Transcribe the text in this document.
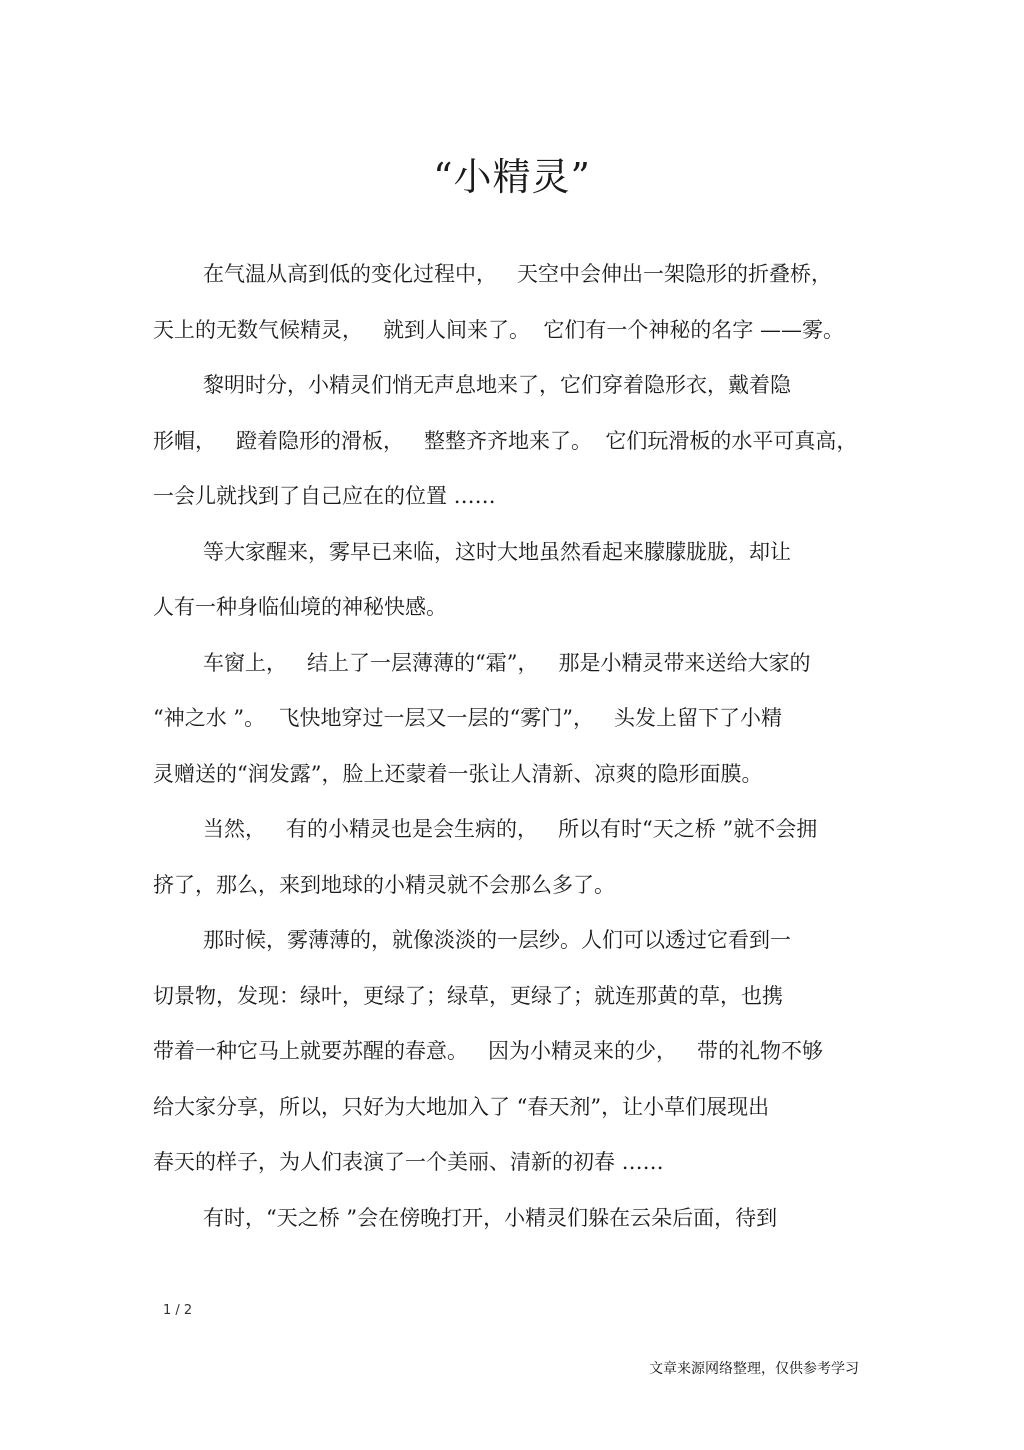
“小精灵”
在气温从高到低的变化过程中，   天空中会伸出一架隐形的折叠桥，
天上的无数气候精灵，   就到人间来了。  它们有一个神秘的名字 ——雾。
黎明时分，小精灵们悄无声息地来了，它们穿着隐形衣，戴着隐
形帽，   蹬着隐形的滑板，   整整齐齐地来了。  它们玩滑板的水平可真高，
一会儿就找到了自己应在的位置 ……
等大家醒来，雾早已来临，这时大地虽然看起来朦朦胧胧，却让
人有一种身临仙境的神秘快感。
车窗上，   结上了一层薄薄的“霜”，   那是小精灵带来送给大家的
“神之水 ”。  飞快地穿过一层又一层的“雾门”，   头发上留下了小精
灵赠送的“润发露”，脸上还蒙着一张让人清新、凉爽的隐形面膜。
当然，   有的小精灵也是会生病的，   所以有时“天之桥 ”就不会拥
挤了，那么，来到地球的小精灵就不会那么多了。
那时候，雾薄薄的，就像淡淡的一层纱。人们可以透过它看到一
切景物，发现：绿叶，更绿了；绿草，更绿了；就连那黄的草，也携
带着一种它马上就要苏醒的春意。   因为小精灵来的少，   带的礼物不够
给大家分享，所以，只好为大地加入了 “春天剂”，让小草们展现出
春天的样子，为人们表演了一个美丽、清新的初春 ……
有时，“天之桥 ”会在傍晚打开，小精灵们躲在云朵后面，待到
1 / 2
文章来源网络整理，仅供参考学习
